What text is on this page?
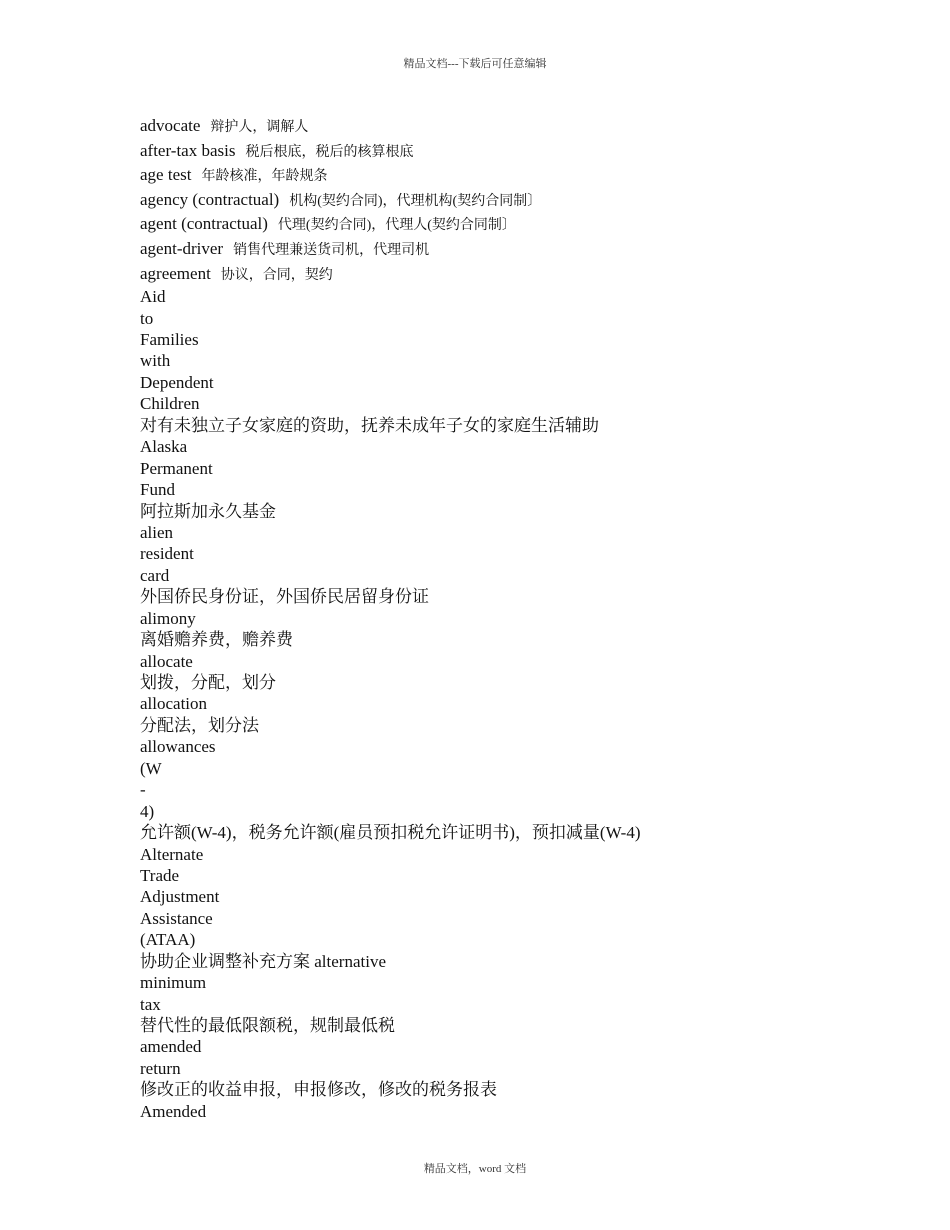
精品文档---下载后可任意编辑
advocate 辩护人，调解人
after-tax basis 税后根底，税后的核算根底
age test 年龄核准，年龄规条
agency (contractual) 机构(契约合同)，代理机构(契约合同制〕
agent (contractual) 代理(契约合同)，代理人(契约合同制〕
agent-driver 销售代理兼送货司机，代理司机
agreement 协议，合同，契约
Aid
to
Families
with
Dependent
Children
对有未独立子女家庭的资助，抚养未成年子女的家庭生活辅助
Alaska
Permanent
Fund
阿拉斯加永久基金
alien
resident
card
外国侨民身份证，外国侨民居留身份证
alimony
离婚赡养费，赡养费
allocate
划拨，分配，划分
allocation
分配法，划分法
allowances
(W
-
4)
允许额(W-4)，税务允许额(雇员预扣税允许证明书)，预扣减量(W-4)
Alternate
Trade
Adjustment
Assistance
(ATAA)
协助企业调整补充方案 alternative
minimum
tax
替代性的最低限额税，规制最低税
amended
return
修改正的收益申报，申报修改，修改的税务报表
Amended
精品文档，word 文档
